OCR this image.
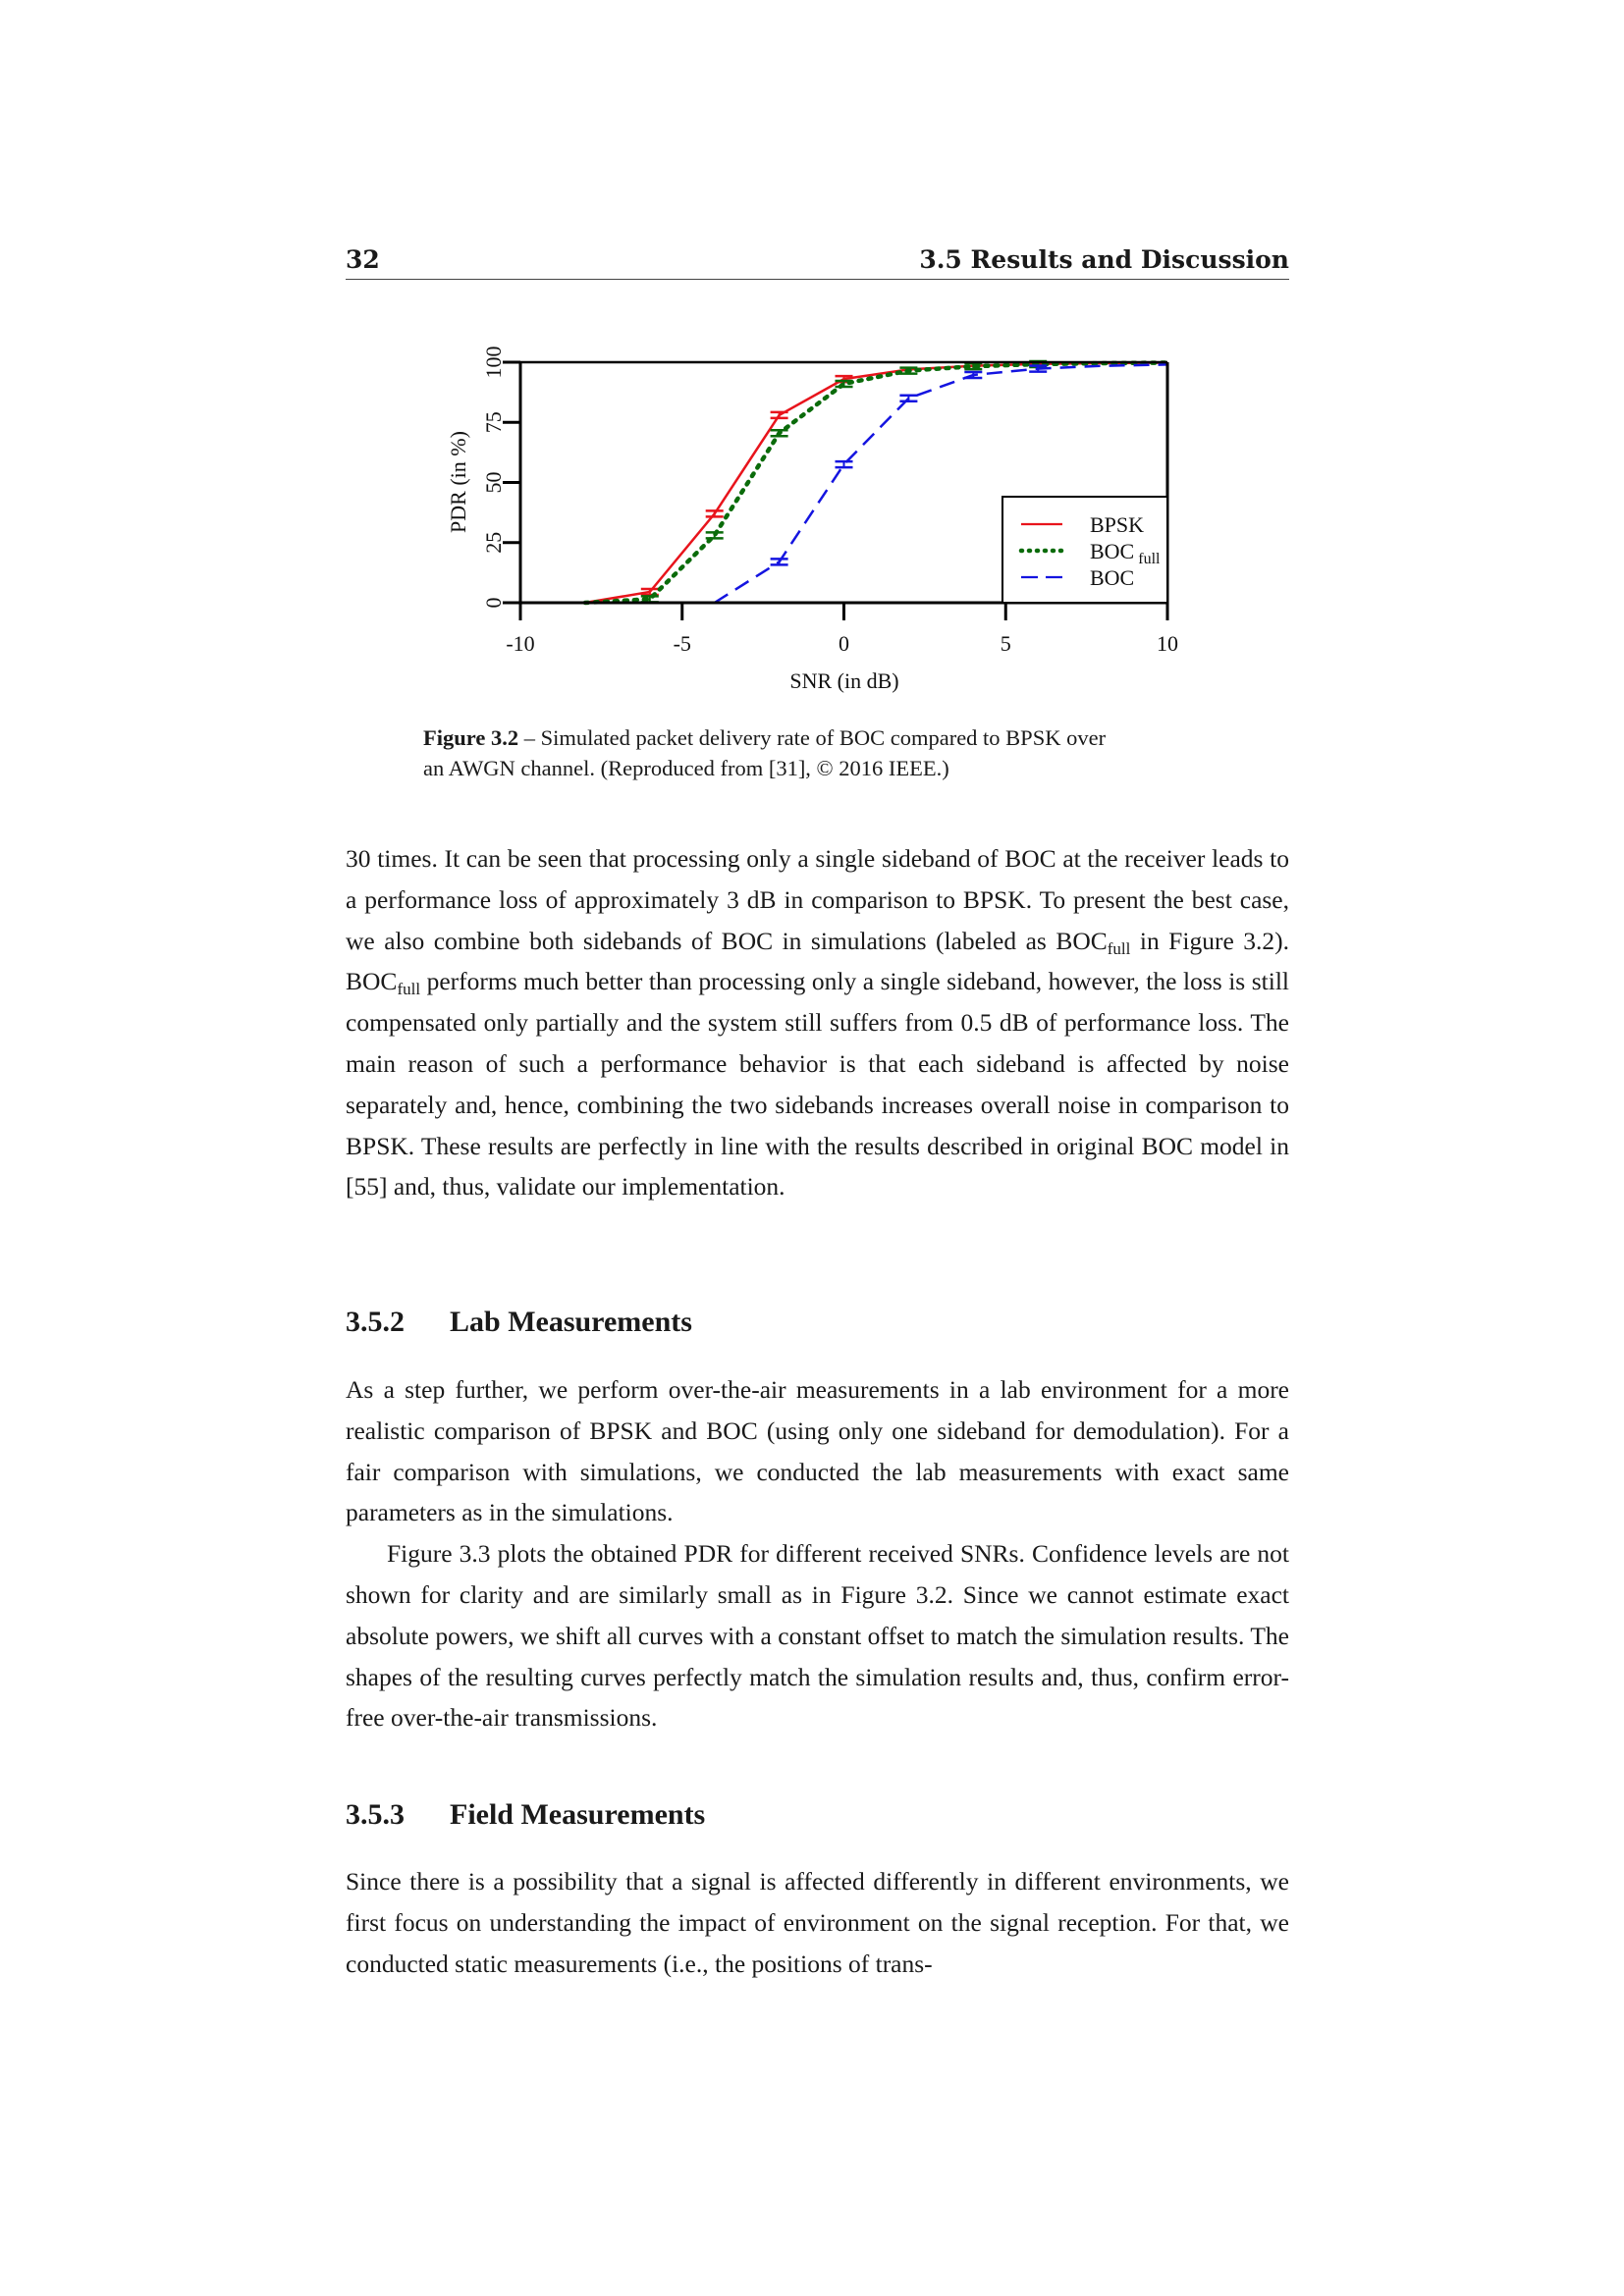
32	3.5 Results and Discussion
-10	-5	0	5	10
0
25
50
75
100
BPSK
BOC $_{full}$
BOC
SNR (in dB)
PDR (in %)
Figure 3.2 – Simulated packet delivery rate of BOC compared to BPSK over
an AWGN channel. (Reproduced from [31], © 2016 IEEE.)

30 times. It can be seen that processing only a single sideband of BOC at the receiver leads to a performance loss of approximately 3 dB in comparison to BPSK. To present the best case, we also combine both sidebands of BOC in simulations (labeled as $BOC_{full}$ in Figure 3.2). $BOC_{full}$ performs much better than processing only a single sideband, however, the loss is still compensated only partially and the system still suffers from 0.5 dB of performance loss. The main reason of such a performance behavior is that each sideband is affected by noise separately and, hence, combining the two sidebands increases overall noise in comparison to BPSK. These results are perfectly in line with the results described in original BOC model in [55] and, thus, validate our implementation.

3.5.2 Lab Measurements

As a step further, we perform over-the-air measurements in a lab environment for a more realistic comparison of BPSK and BOC (using only one sideband for demodulation). For a fair comparison with simulations, we conducted the lab measurements with exact same parameters as in the simulations.

Figure 3.3 plots the obtained PDR for different received SNRs. Confidence levels are not shown for clarity and are similarly small as in Figure 3.2. Since we cannot estimate exact absolute powers, we shift all curves with a constant offset to match the simulation results. The shapes of the resulting curves perfectly match the simulation results and, thus, confirm error-free over-the-air transmissions.

3.5.3 Field Measurements

Since there is a possibility that a signal is affected differently in different environments, we first focus on understanding the impact of environment on the signal reception. For that, we conducted static measurements (i.e., the positions of trans-
